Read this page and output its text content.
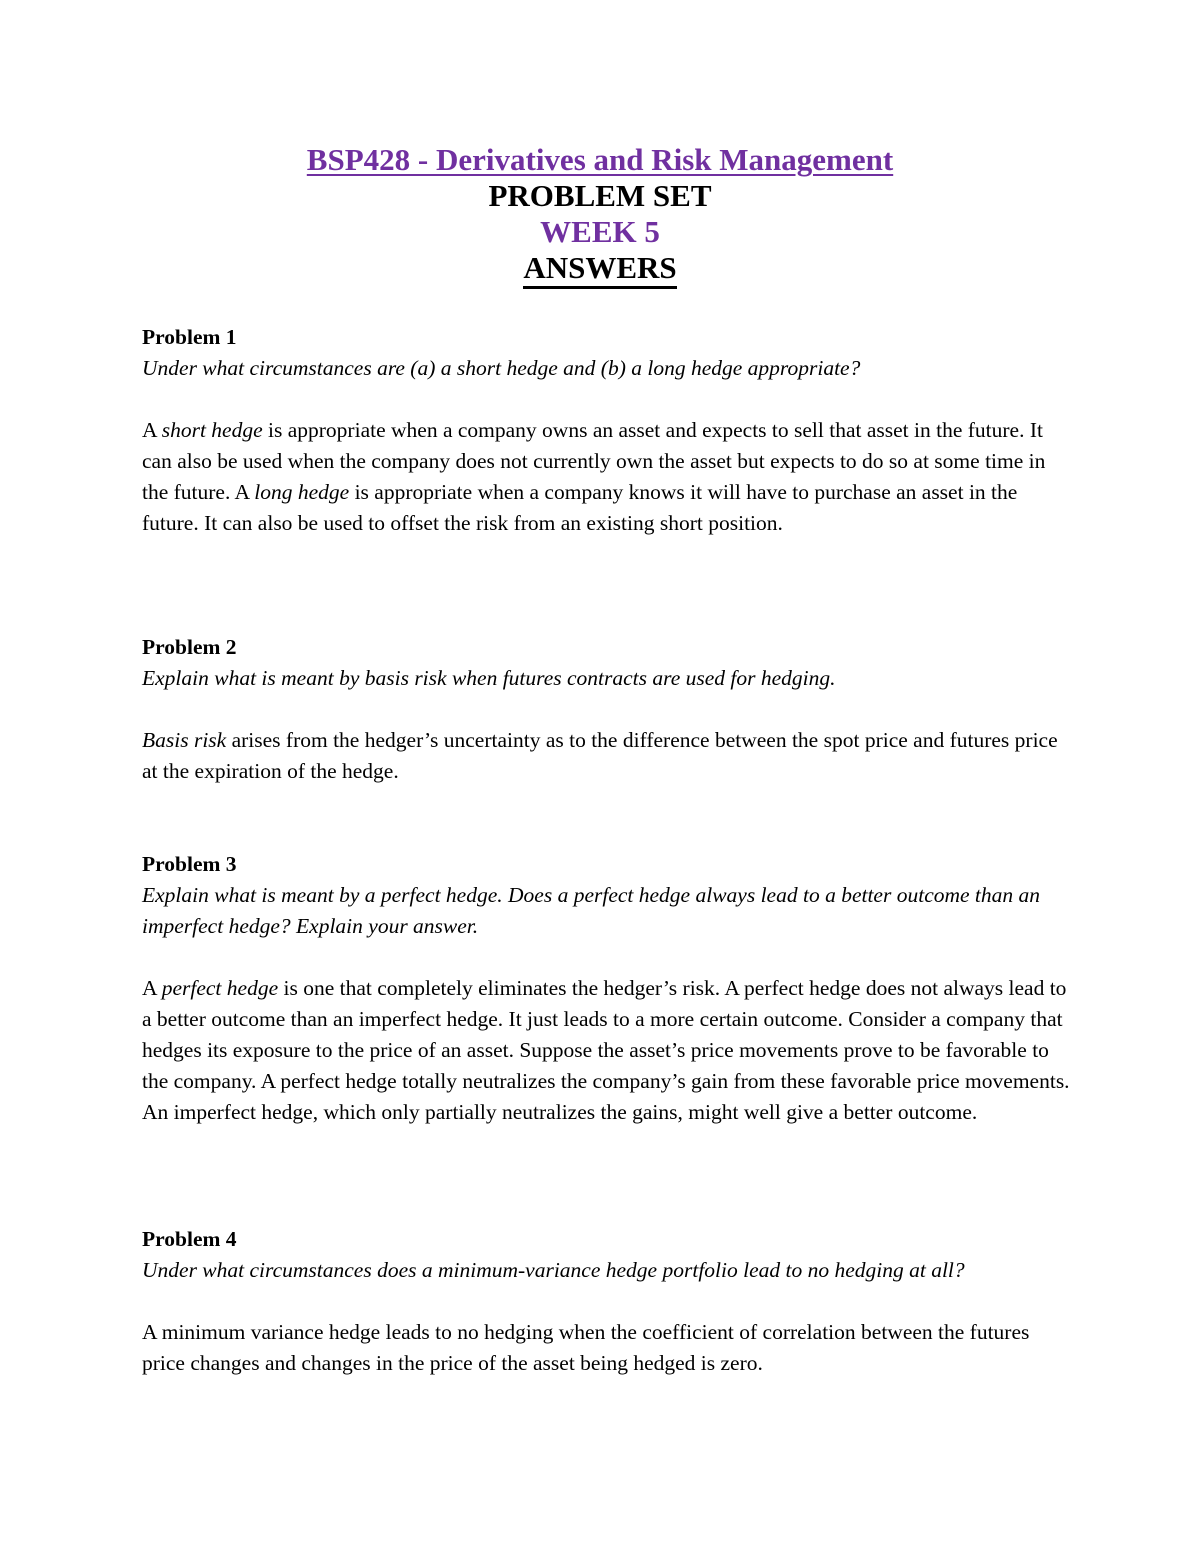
BSP428 - Derivatives and Risk Management
PROBLEM SET
WEEK 5
ANSWERS
Problem 1
Under what circumstances are (a) a short hedge and (b) a long hedge appropriate?
A short hedge is appropriate when a company owns an asset and expects to sell that asset in the future. It can also be used when the company does not currently own the asset but expects to do so at some time in the future. A long hedge is appropriate when a company knows it will have to purchase an asset in the future. It can also be used to offset the risk from an existing short position.
Problem 2
Explain what is meant by basis risk when futures contracts are used for hedging.
Basis risk arises from the hedger’s uncertainty as to the difference between the spot price and futures price at the expiration of the hedge.
Problem 3
Explain what is meant by a perfect hedge. Does a perfect hedge always lead to a better outcome than an imperfect hedge? Explain your answer.
A perfect hedge is one that completely eliminates the hedger’s risk. A perfect hedge does not always lead to a better outcome than an imperfect hedge. It just leads to a more certain outcome. Consider a company that hedges its exposure to the price of an asset. Suppose the asset’s price movements prove to be favorable to the company. A perfect hedge totally neutralizes the company’s gain from these favorable price movements. An imperfect hedge, which only partially neutralizes the gains, might well give a better outcome.
Problem 4
Under what circumstances does a minimum-variance hedge portfolio lead to no hedging at all?
A minimum variance hedge leads to no hedging when the coefficient of correlation between the futures price changes and changes in the price of the asset being hedged is zero.
